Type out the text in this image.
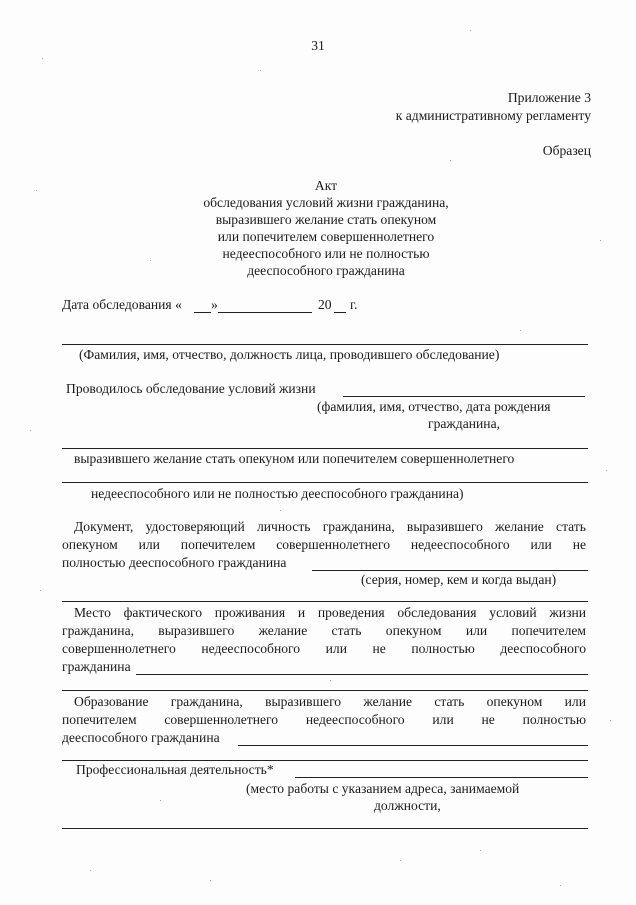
31
Приложение 3
к административному регламенту
Образец
Акт
обследования условий жизни гражданина,
выразившего желание стать опекуном
или попечителем совершеннолетнего
недееспособного или не полностью
дееспособного гражданина
Дата обследования « »	20 г.
(Фамилия, имя, отчество, должность лица, проводившего обследование)
Проводилось обследование условий жизни
(фамилия, имя, отчество, дата рождения
гражданина,
выразившего желание стать опекуном или попечителем совершеннолетнего
недееспособного или не полностью дееспособного гражданина)
Документ, удостоверяющий личность гражданина, выразившего желание стать
опекуном или попечителем совершеннолетнего недееспособного или не
полностью дееспособного гражданина
(серия, номер, кем и когда выдан)
Место фактического проживания и проведения обследования условий жизни
гражданина, выразившего желание стать опекуном или попечителем
совершеннолетнего недееспособного или не полностью дееспособного
гражданина
Образование гражданина, выразившего желание стать опекуном или
попечителем совершеннолетнего недееспособного или не полностью
дееспособного гражданина
Профессиональная деятельность*
(место работы с указанием адреса, занимаемой
должности,
